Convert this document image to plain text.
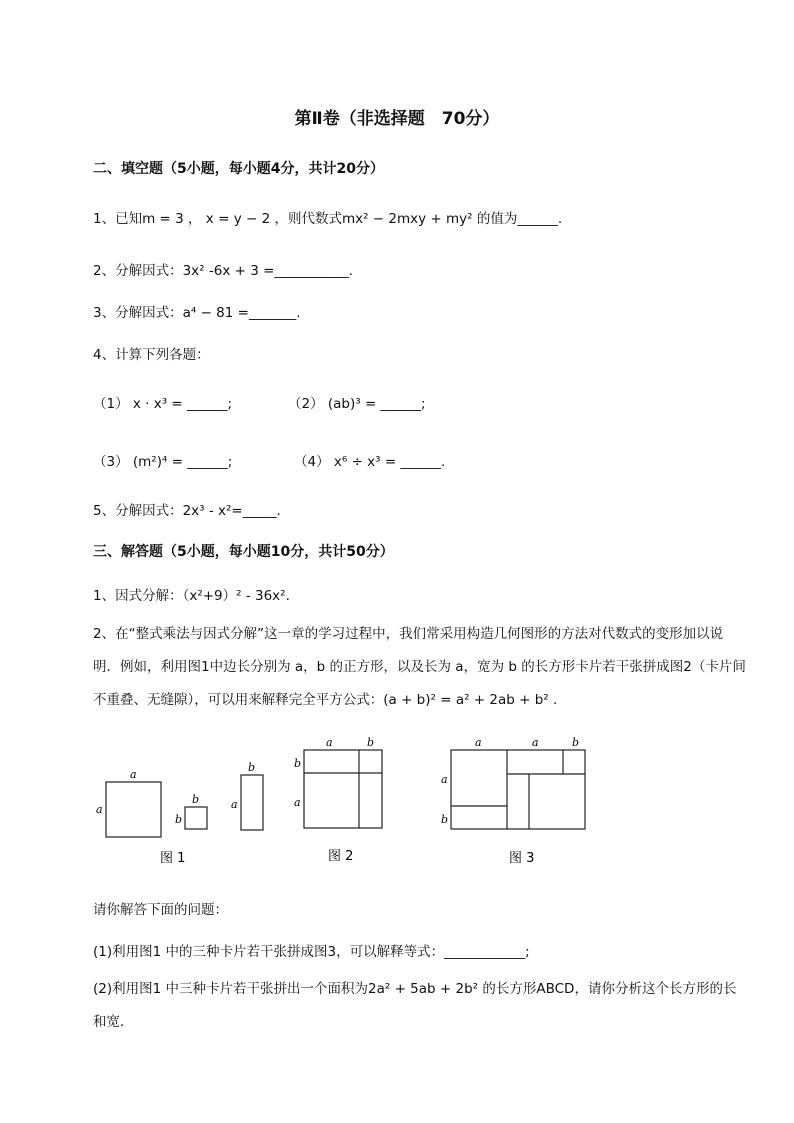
第Ⅱ卷（非选择题　70分）
二、填空题（5小题，每小题4分，共计20分）
1、已知m = 3 ， x = y − 2 ，则代数式mx² − 2mxy + my² 的值为______.
2、分解因式：3x² -6x + 3 =___________.
3、分解因式：a⁴ − 81 =_______.
4、计算下列各题：
（1） x · x³ = ______;	（2） (ab)³ = ______;
（3） (m²)⁴ = ______;	（4） x⁶ ÷ x³ = ______.
5、分解因式：2x³ - x²=_____.
三、解答题（5小题，每小题10分，共计50分）
1、因式分解：（x²+9）² - 36x².
2、在“整式乘法与因式分解”这一章的学习过程中，我们常采用构造几何图形的方法对代数式的变形加以说明．例如，利用图1中边长分别为 a，b 的正方形，以及长为 a，宽为 b 的长方形卡片若干张拼成图2（卡片间不重叠、无缝隙），可以用来解释完全平方公式：(a + b)² = a² + 2ab + b² .
a
a
b
b
b
a
a	b
b
a
a	a	b
a
b
图 1	图 2	图 3
请你解答下面的问题：
(1)利用图1 中的三种卡片若干张拼成图3，可以解释等式：____________;
(2)利用图1 中三种卡片若干张拼出一个面积为2a² + 5ab + 2b² 的长方形ABCD，请你分析这个长方形的长和宽．
